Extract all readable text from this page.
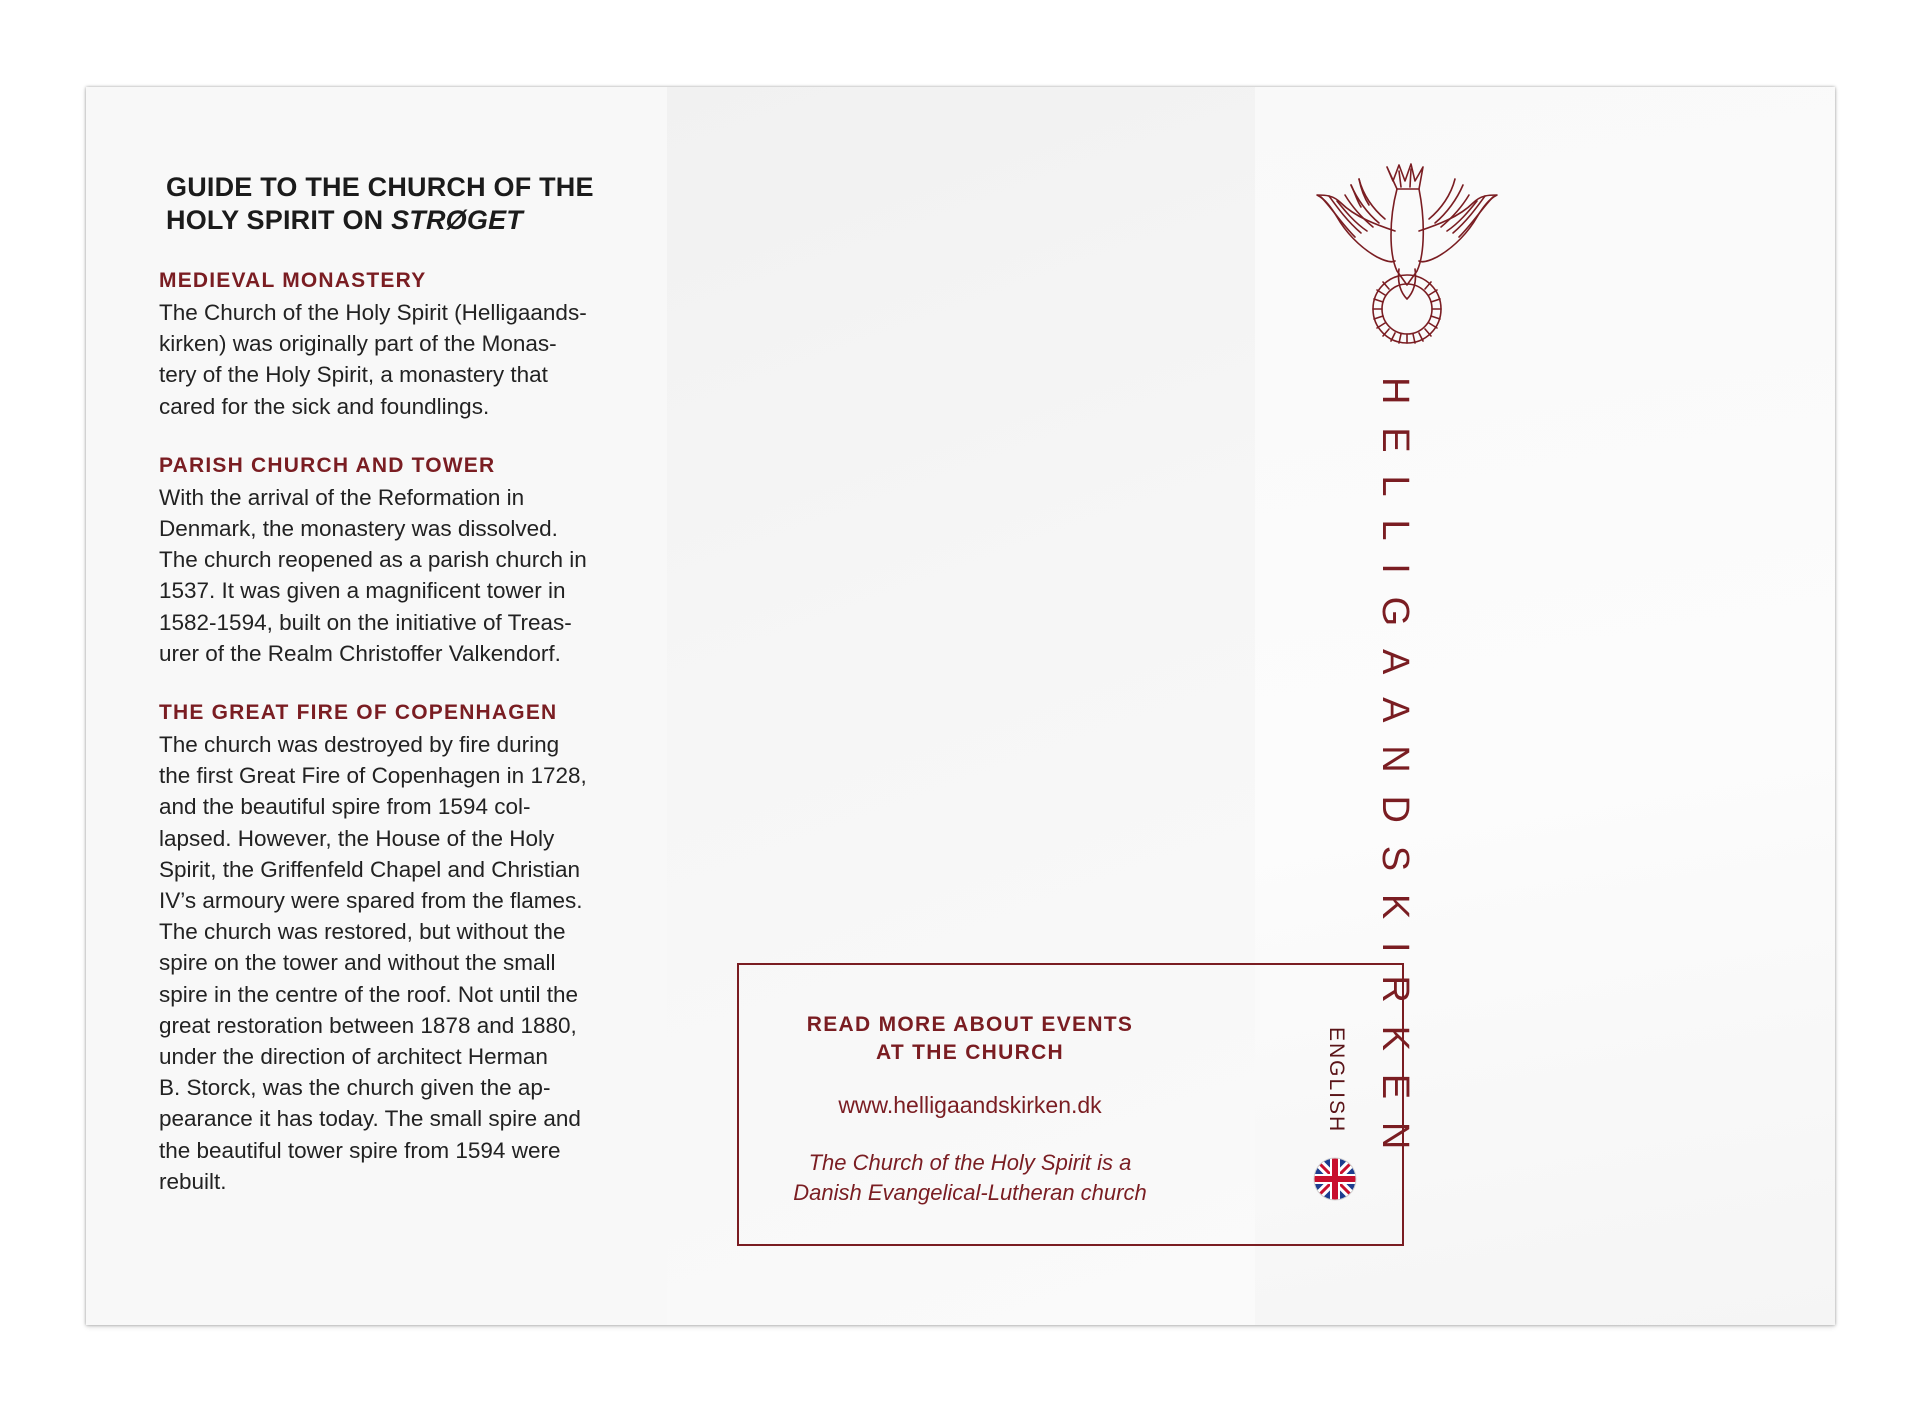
GUIDE TO THE CHURCH OF THE
HOLY SPIRIT ON STRØGET
MEDIEVAL MONASTERY

The Church of the Holy Spirit (Helligaands-
kirken) was originally part of the Monas-
tery of the Holy Spirit, a monastery that
cared for the sick and foundlings.

PARISH CHURCH AND TOWER

With the arrival of the Reformation in
Denmark, the monastery was dissolved.
The church reopened as a parish church in
1537. It was given a magnificent tower in
1582-1594, built on the initiative of Treas-
urer of the Realm Christoffer Valkendorf.

THE GREAT FIRE OF COPENHAGEN

The church was destroyed by fire during
the first Great Fire of Copenhagen in 1728,
and the beautiful spire from 1594 col-
lapsed. However, the House of the Holy
Spirit, the Griffenfeld Chapel and Christian
IV’s armoury were spared from the flames.
The church was restored, but without the
spire on the tower and without the small
spire in the centre of the roof. Not until the
great restoration between 1878 and 1880,
under the direction of architect Herman
B. Storck, was the church given the ap-
pearance it has today. The small spire and
the beautiful tower spire from 1594 were
rebuilt.

READ MORE ABOUT EVENTS
AT THE CHURCH
www.helligaandskirken.dk

The Church of the Holy Spirit is a
Danish Evangelical-Lutheran church

ENGLISH HELLIGAANDSKIRKEN
